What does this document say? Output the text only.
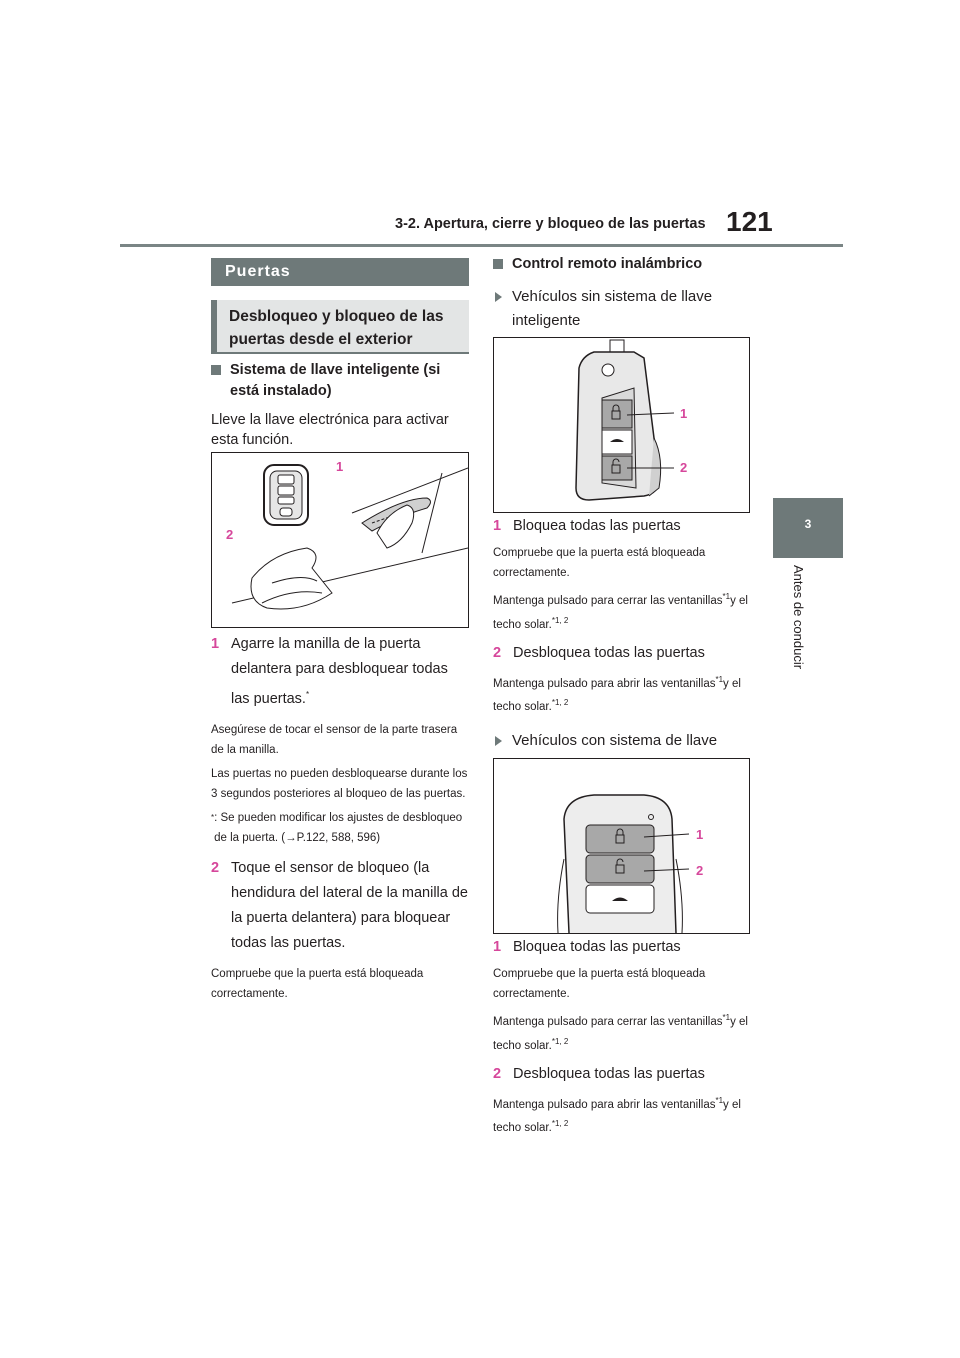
3-2. Apertura, cierre y bloqueo de las puertas 121
3
Antes de conducir
Puertas
Desbloqueo y bloqueo de las puertas desde el exterior
Sistema de llave inteligente (si está instalado)
Lleve la llave electrónica para activar esta función.
1
2
1 Agarre la manilla de la puerta delantera para desbloquear todas las puertas.*
Asegúrese de tocar el sensor de la parte trasera de la manilla.
Las puertas no pueden desbloquearse durante los 3 segundos posteriores al bloqueo de las puertas.
* : Se pueden modificar los ajustes de desbloqueo de la puerta. (→P.122, 588, 596)
2 Toque el sensor de bloqueo (la hendidura del lateral de la manilla de la puerta delantera) para bloquear todas las puertas.
Compruebe que la puerta está bloqueada correctamente.
Control remoto inalámbrico
Vehículos sin sistema de llave inteligente
1
2
1 Bloquea todas las puertas
Compruebe que la puerta está bloqueada correctamente.
Mantenga pulsado para cerrar las ventanillas$^{*1}$y el techo solar.$^{*1, 2}$
2 Desbloquea todas las puertas
Mantenga pulsado para abrir las ventanillas$^{*1}$y el techo solar.$^{*1, 2}$
Vehículos con sistema de llave
1
2
1 Bloquea todas las puertas
Compruebe que la puerta está bloqueada correctamente.
Mantenga pulsado para cerrar las ventanillas$^{*1}$y el techo solar.$^{*1, 2}$
2 Desbloquea todas las puertas
Mantenga pulsado para abrir las ventanillas$^{*1}$y el techo solar.$^{*1, 2}$
